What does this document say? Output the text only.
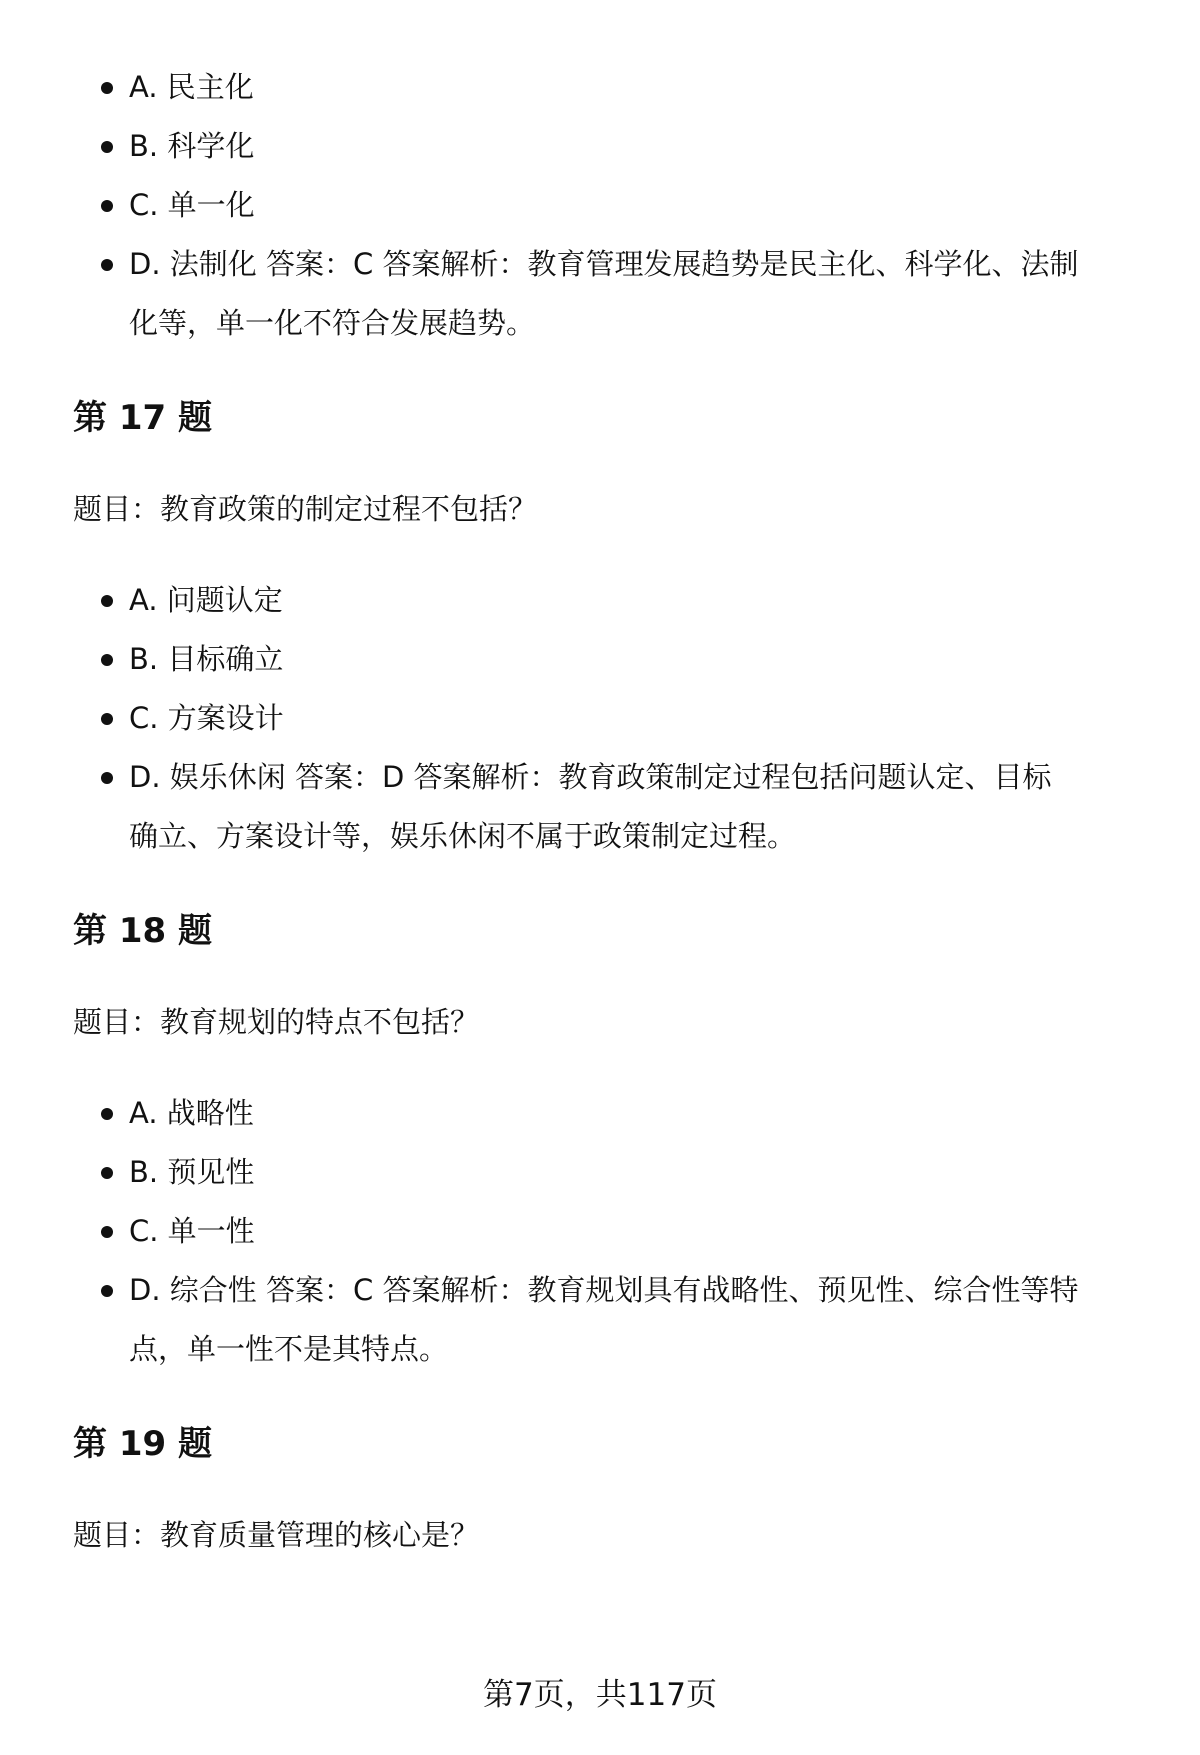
A. 民主化
B. 科学化
C. 单一化
D. 法制化 答案：C 答案解析：教育管理发展趋势是民主化、科学化、法制化等，单一化不符合发展趋势。
第 17 题
题目：教育政策的制定过程不包括？
A. 问题认定
B. 目标确立
C. 方案设计
D. 娱乐休闲 答案：D 答案解析：教育政策制定过程包括问题认定、目标确立、方案设计等，娱乐休闲不属于政策制定过程。
第 18 题
题目：教育规划的特点不包括？
A. 战略性
B. 预见性
C. 单一性
D. 综合性 答案：C 答案解析：教育规划具有战略性、预见性、综合性等特点，单一性不是其特点。
第 19 题
题目：教育质量管理的核心是？
第7页，共117页
